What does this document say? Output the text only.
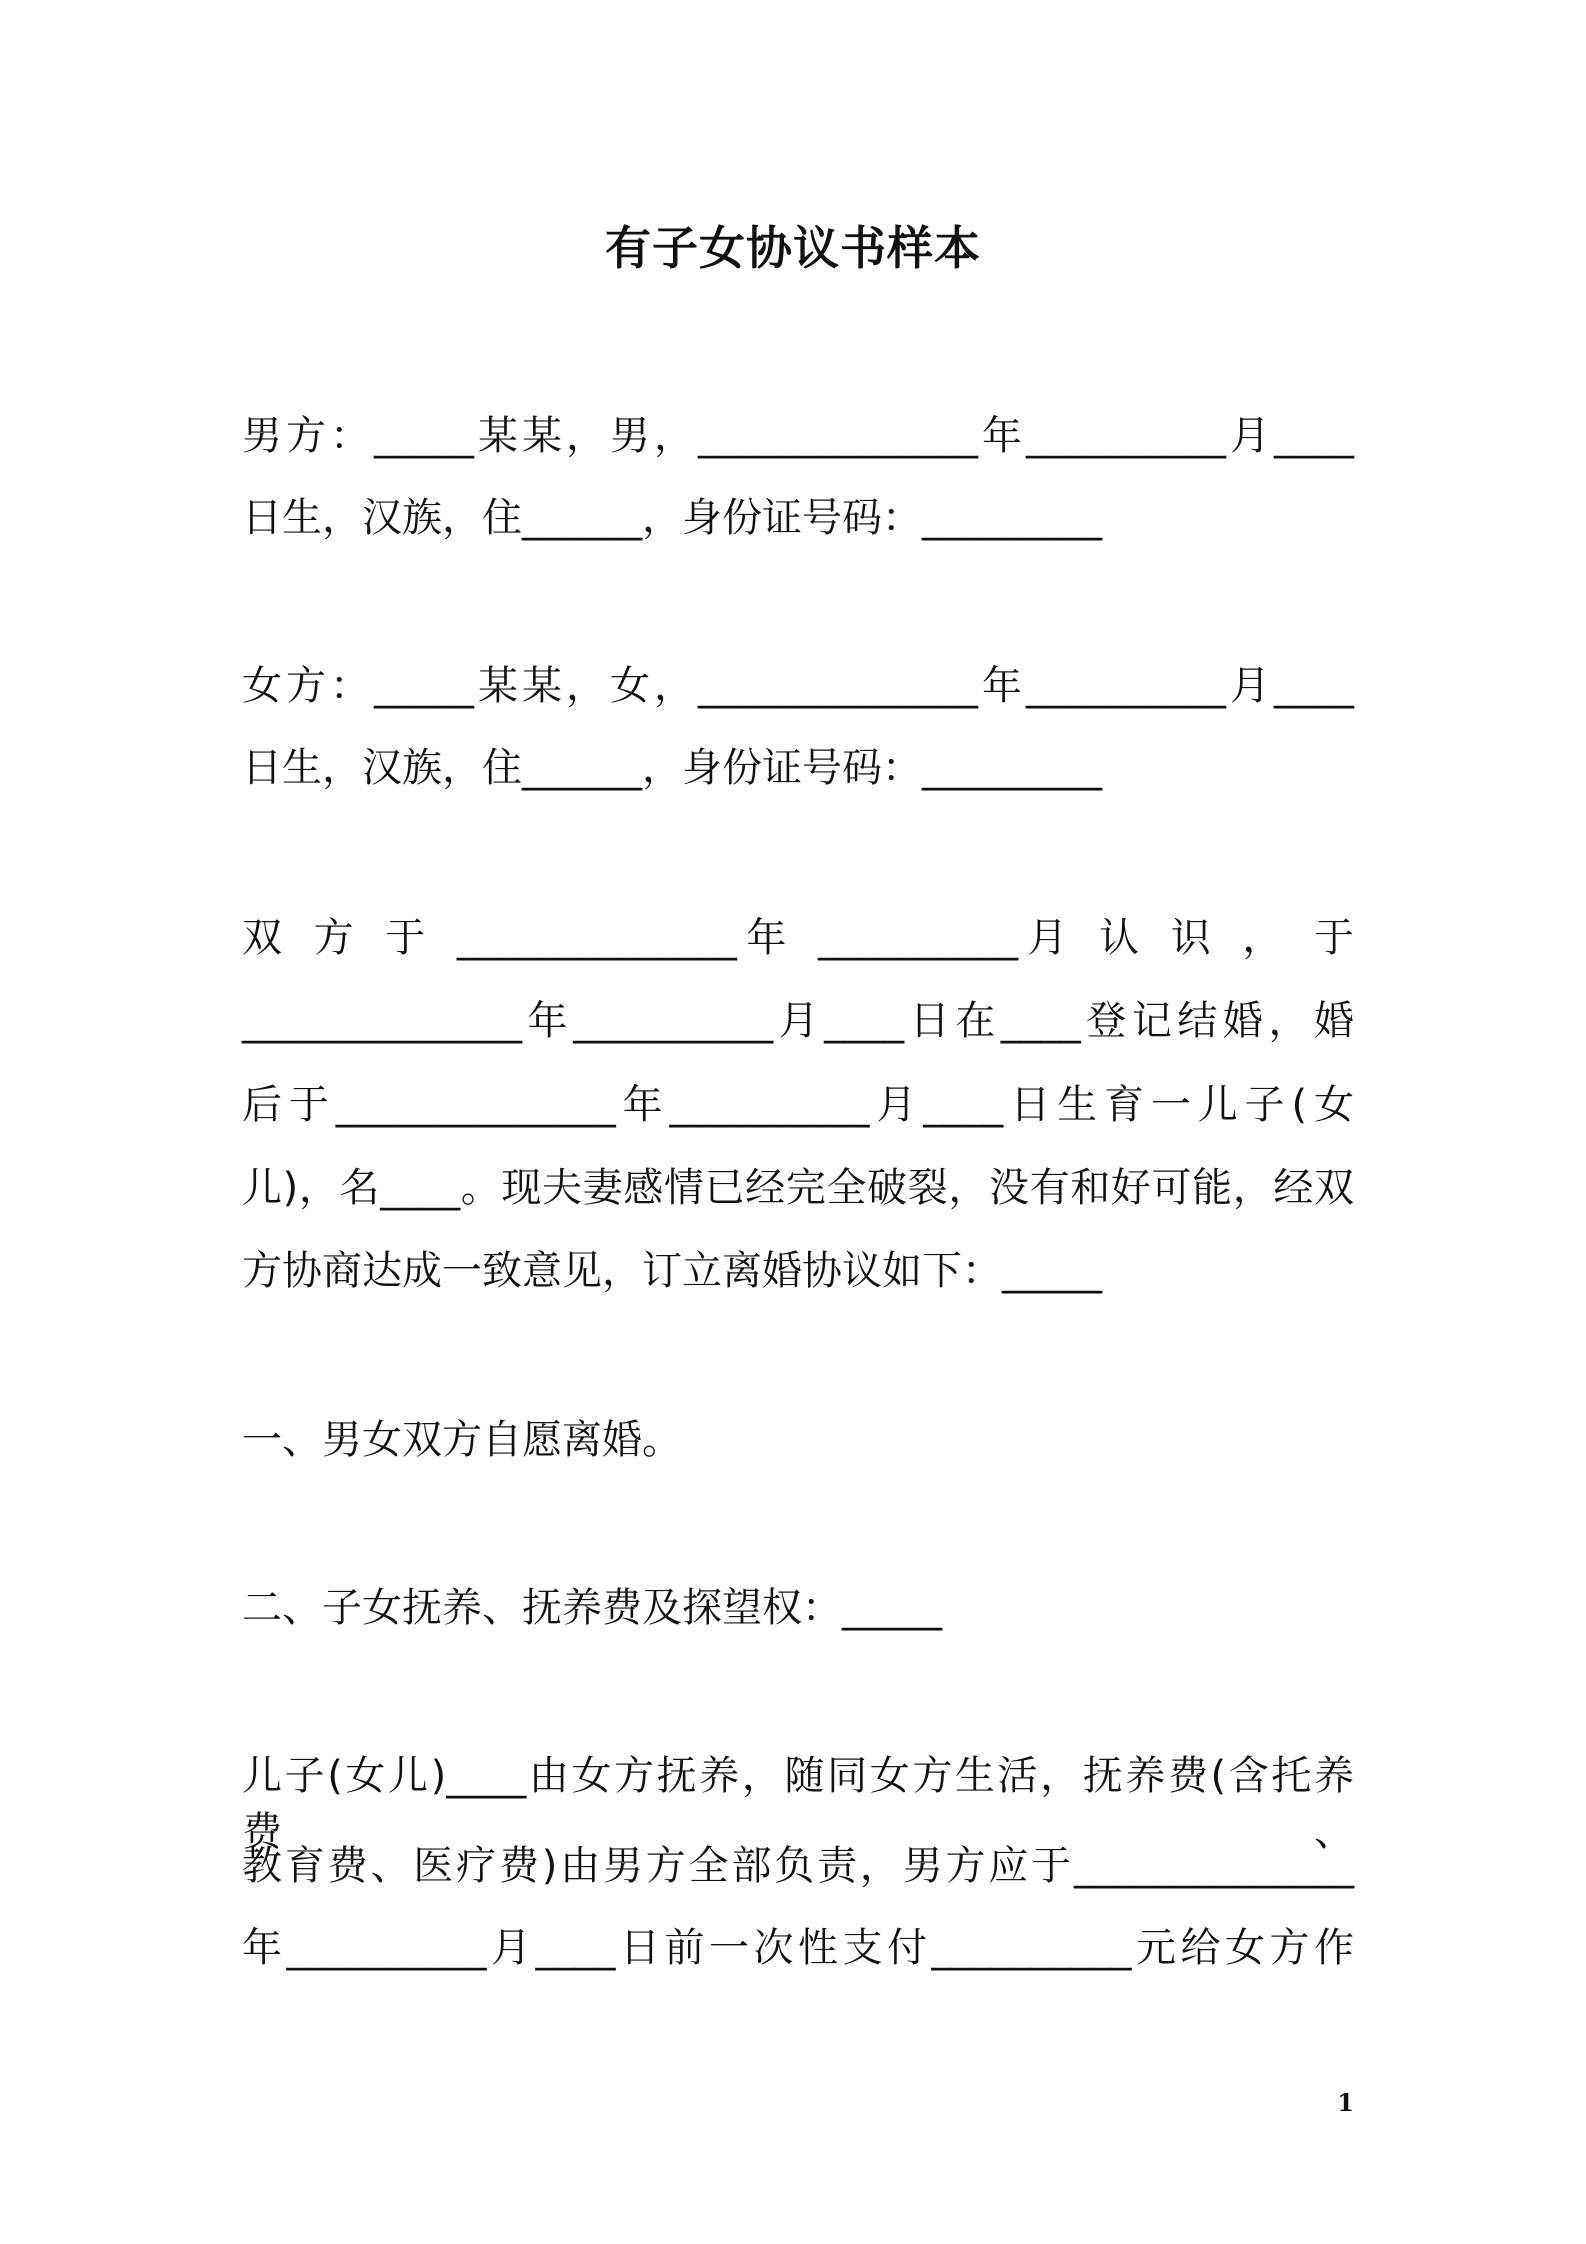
有子女协议书样本
男方：_____某某，男，______________年__________月____
日生，汉族，住______，身份证号码：_________
女方：_____某某，女，______________年__________月____
日生，汉族，住______，身份证号码：_________
双 方 于 ______________年 __________月 认 识 ， 于
______________年__________月____日在____登记结婚，婚
后于______________年__________月____日生育一儿子(女
儿)，名____。现夫妻感情已经完全破裂，没有和好可能，经双
方协商达成一致意见，订立离婚协议如下：_____
一、男女双方自愿离婚。
二、子女抚养、抚养费及探望权：_____
儿子(女儿)____由女方抚养，随同女方生活，抚养费(含托养费、
教育费、医疗费)由男方全部负责，男方应于______________
年__________月____日前一次性支付__________元给女方作
1
